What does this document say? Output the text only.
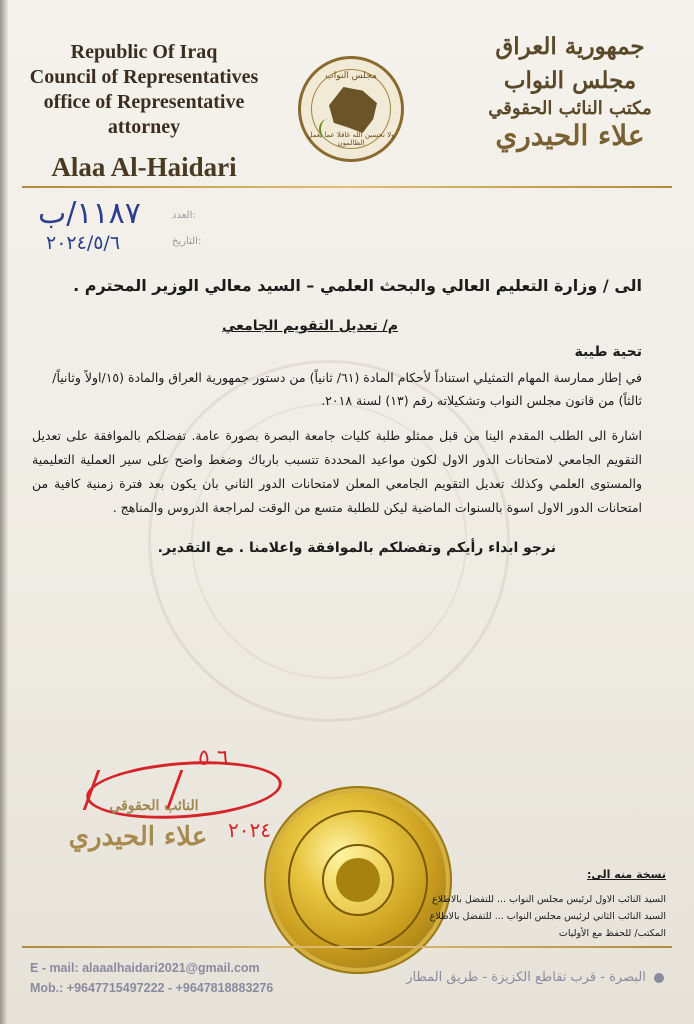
Republic Of Iraq
Council of Representatives
office of Representative attorney
Alaa Al-Haidari
مجلس النواب
ولا تحسبن الله غافلا عما يعمل الظالمون
جمهورية العراق
مجلس النواب
مكتب النائب الحقوقي
علاء الحيدري
١١٨٧/ب	العدد:
٢٠٢٤/٥/٦	التاريخ:
الى / وزارة التعليم العالي والبحث العلمي – السيد معالي الوزير المحترم .
م/ تعديل التقويم الجامعي
تحية طيبة
في إطار ممارسة المهام التمثيلي استناداً لأحكام المادة (٦١/ ثانياً) من دستور جمهورية العراق والمادة (١٥/اولاً وثانياً/ ثالثاً) من قانون مجلس النواب وتشكيلاته رقم (١٣) لسنة ٢٠١٨.
اشارة الى الطلب المقدم الينا من قبل ممثلو طلبة كليات جامعة البصرة بصورة عامة. تفضلكم بالموافقة على تعديل التقويم الجامعي لامتحانات الدور الاول لكون مواعيد المحددة تتسبب بارباك وضغط واضح على سير العملية التعليمية والمستوى العلمي وكذلك تعديل التقويم الجامعي المعلن لامتحانات الدور الثاني بان يكون بعد فترة زمنية كافية من امتحانات الدور الاول اسوة بالسنوات الماضية ليكن للطلبة متسع من الوقت لمراجعة الدروس والمناهج .
نرجو ابداء رأيكم وتفضلكم بالموافقة واعلامنا . مع التقدير.
٦ ٥
النائب الحقوقي
علاء الحيدري	٢٠٢٤
نسخة منه الى:
السيد النائب الاول لرئيس مجلس النواب ... للتفضل بالاطلاع
السيد النائب الثاني لرئيس مجلس النواب ... للتفضل بالاطلاع
المكتب/ للحفظ مع الأوليات
E - mail: alaaalhaidari2021@gmail.com
Mob.: +9647715497222 - +9647818883276
البصرة - قرب تقاطع الكزيزة - طريق المطار
